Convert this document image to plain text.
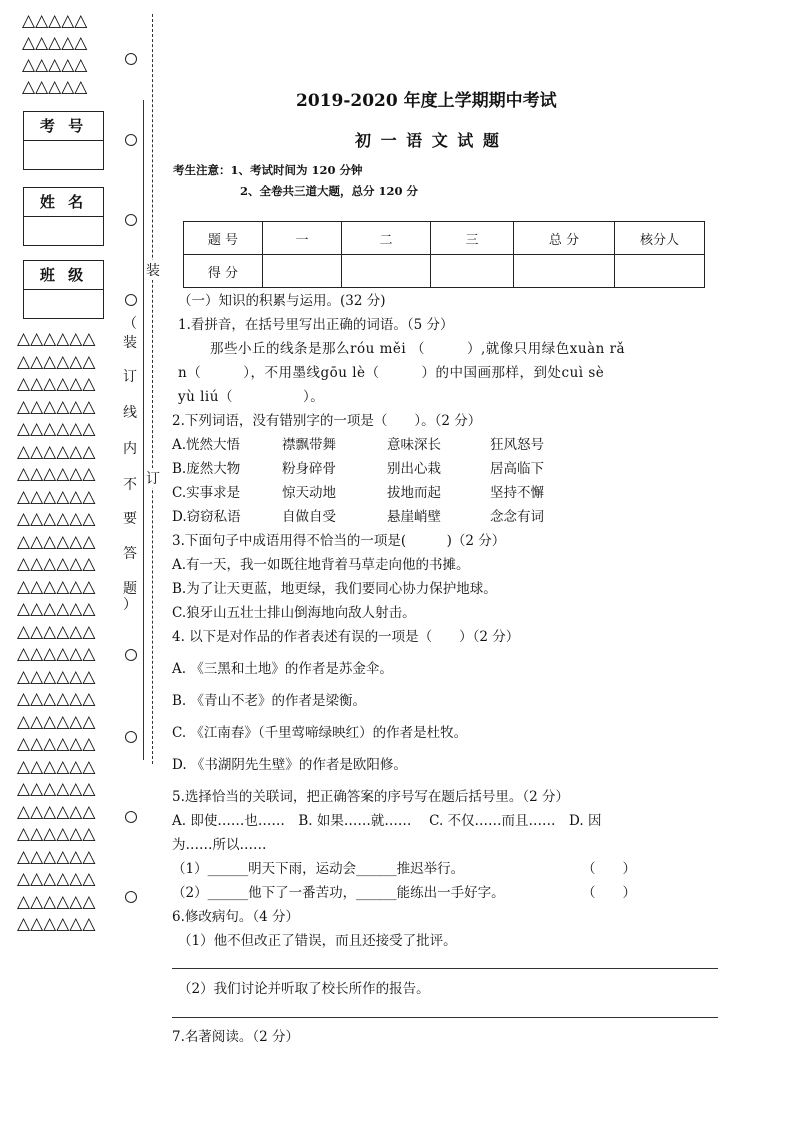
△△△△△
△△△△△
△△△△△
△△△△△
考 号
姓 名
班 级
△△△△△△
△△△△△△
△△△△△△
△△△△△△
△△△△△△
△△△△△△
△△△△△△
△△△△△△
△△△△△△
△△△△△△
△△△△△△
△△△△△△
△△△△△△
△△△△△△
△△△△△△
△△△△△△
△△△△△△
△△△△△△
△△△△△△
△△△△△△
△△△△△△
△△△△△△
△△△△△△
△△△△△△
△△△△△△
△△△△△△
△△△△△△
（
装
订
线
内
不
要
答
题
）
装
订
2019-2020 年度上学期期中考试
初 一 语 文 试 题
考生注意：1、考试时间为 120 分钟
2、全卷共三道大题，总分 120 分
题 号	一	二	三	总 分	核分人
得 分					
（一）知识的积累与运用。(32 分)
1.看拼音，在括号里写出正确的词语。（5 分）
那些小丘的线条是那么róu měi （　　　）,就像只用绿色xuàn rǎ
n（　　　），不用墨线gōu lè（　　　）的中国画那样，到处cuì sè
yù liú（　　　　　）。
2.下列词语，没有错别字的一项是（　　）。（2 分）
A.恍然大悟	襟飘带舞	意味深长	狂风怒号
B.庞然大物	粉身碎骨	别出心栽	居高临下
C.实事求是	惊天动地	拔地而起	坚持不懈
D.窃窃私语	自做自受	悬崖峭壁	念念有词
3.下面句子中成语用得不恰当的一项是(　　　)（2 分）
A.有一天，我一如既往地背着马草走向他的书摊。
B.为了让天更蓝，地更绿，我们要同心协力保护地球。
C.狼牙山五壮士排山倒海地向敌人射击。
4. 以下是对作品的作者表述有误的一项是（　　）（2 分）
A. 《三黑和土地》的作者是苏金伞。
B. 《青山不老》的作者是梁衡。
C. 《江南春》（千里莺啼绿映红）的作者是杜牧。
D. 《书湖阴先生壁》的作者是欧阳修。
5.选择恰当的关联词，把正确答案的序号写在题后括号里。（2 分）
A. 即使……也……　B. 如果……就……　 C. 不仅……而且……　D. 因
为……所以……
（1）______明天下雨，运动会______推迟举行。	（　　）
（2）______他下了一番苦功，______能练出一手好字。	（　　）
6.修改病句。（4 分）
（1）他不但改正了错误，而且还接受了批评。
（2）我们讨论并听取了校长所作的报告。
7.名著阅读。（2 分）
